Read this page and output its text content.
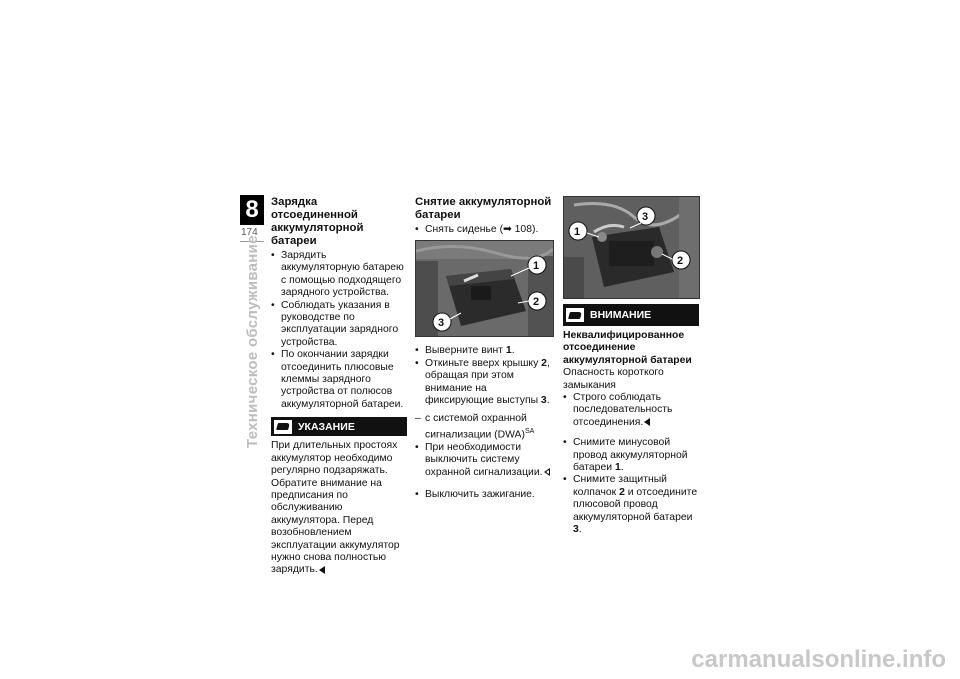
8
174
Техническое обслуживание
Зарядка отсоединенной аккумуляторной батареи
• Зарядить аккумуляторную батарею с помощью подходящего зарядного устройства.
• Соблюдать указания в руководстве по эксплуатации зарядного устройства.
• По окончании зарядки отсоединить плюсовые клеммы зарядного устройства от полюсов аккумуляторной батареи.
УКАЗАНИЕ

При длительных простоях аккумулятор необходимо регулярно подзаряжать. Обратите внимание на предписания по обслуживанию аккумулятора. Перед возобновлением эксплуатации аккумулятор нужно снова полностью зарядить.

Снятие аккумуляторной батареи
• Снять сиденье (➡ 108).
1
2
3
• Выверните винт 1.
• Откиньте вверх крышку 2, обращая при этом внимание на фиксирующие выступы 3.
– с системой охранной сигнализации (DWA)$^{SA}$
• При необходимости выключить систему охранной сигнализации.
• Выключить зажигание.
3
1
2
ВНИМАНИЕ

Неквалифицированное отсоединение аккумуляторной батареи

Опасность короткого замыкания

• Строго соблюдать последовательность отсоединения.
• Снимите минусовой провод аккумуляторной батареи 1.
• Снимите защитный колпачок 2 и отсоедините плюсовой провод аккумуляторной батареи 3.
carmanualsonline.info
